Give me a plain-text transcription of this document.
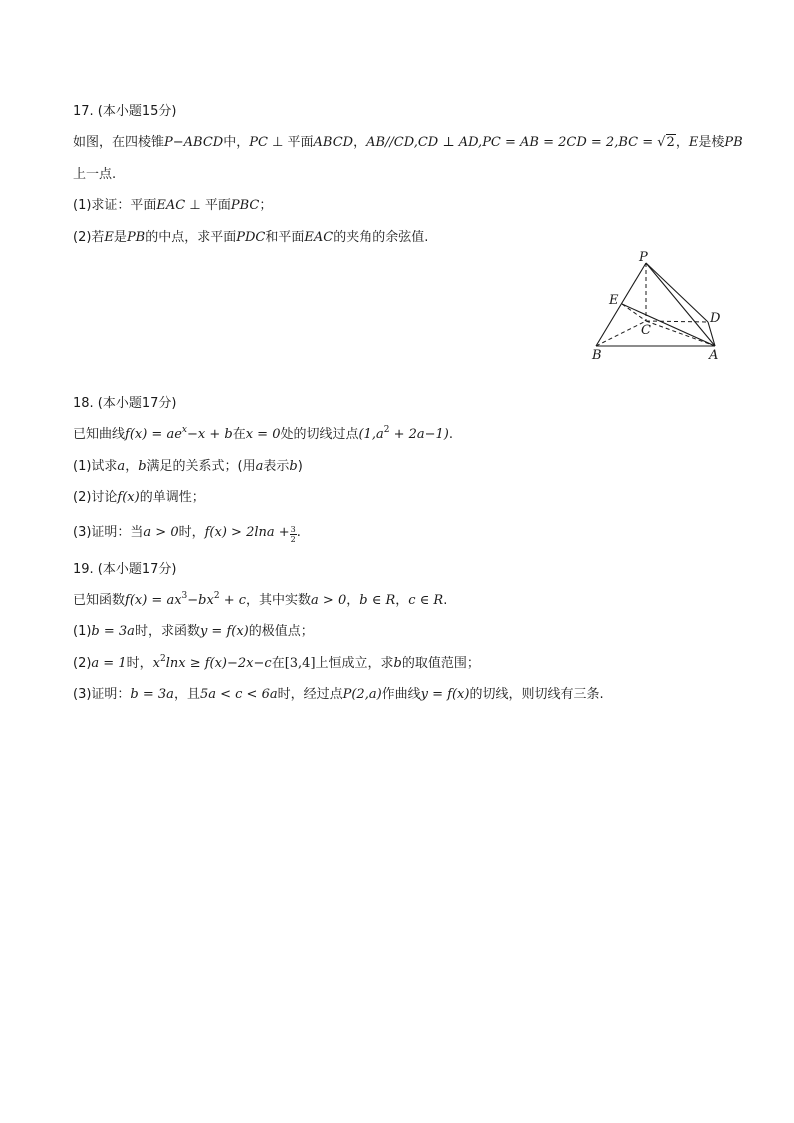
17. (本小题15分)
如图，在四棱锥P−ABCD中，PC ⊥ 平面ABCD，AB//CD,CD ⊥ AD,PC = AB = 2CD = 2,BC = √2，E是棱PB
上一点.
(1)求证：平面EAC ⊥ 平面PBC；
(2)若E是PB的中点，求平面PDC和平面EAC的夹角的余弦值.
P
E
C
D
B	A
18. (本小题17分)
已知曲线$f(x) = ae^x-x + b$在x = 0处的切线过点$(1,a^2 + 2a-1)$.
(1)试求a，b满足的关系式；(用a表示b)
(2)讨论f(x)的单调性；
(3)证明：当a > 0时，$f(x) > 2\ln a + \frac{3}{2}$ .
19. (本小题17分)
已知函数$f(x) = ax^3-bx^2 + c$，其中实数a > 0，b ∈ R，c ∈ R.
(1)b = 3a时，求函数y = f(x)的极值点；
(2)a = 1时，$x^2\ln x \ge f(x)-2x-c$在[3,4]上恒成立，求b的取值范围；
(3)证明：b = 3a，且5a < c < 6a时，经过点P(2,a)作曲线y = f(x)的切线，则切线有三条.
